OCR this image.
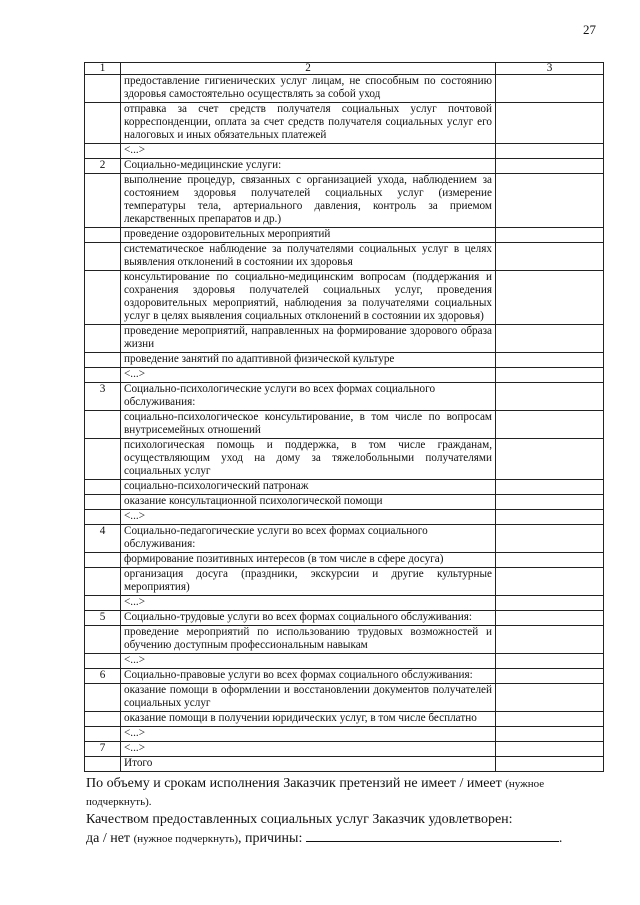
27
1	2	3
	предоставление гигиенических услуг лицам, не способным по состоянию здоровья самостоятельно осуществлять за собой уход	
	отправка за счет средств получателя социальных услуг почтовой корреспонденции, оплата за счет средств получателя социальных услуг его налоговых и иных обязательных платежей	
	<...>	
2	Социально-медицинские услуги:	
	выполнение процедур, связанных с организацией ухода, наблюдением за состоянием здоровья получателей социальных услуг (измерение температуры тела, артериального давления, контроль за приемом лекарственных препаратов и др.)	
	проведение оздоровительных мероприятий	
	систематическое наблюдение за получателями социальных услуг в целях выявления отклонений в состоянии их здоровья	
	консультирование по социально-медицинским вопросам (поддержания и сохранения здоровья получателей социальных услуг, проведения оздоровительных мероприятий, наблюдения за получателями социальных услуг в целях выявления социальных отклонений в состоянии их здоровья)	
	проведение мероприятий, направленных на формирование здорового образа жизни	
	проведение занятий по адаптивной физической культуре	
	<...>	
3	Социально-психологические услуги во всех формах социального обслуживания:	
	социально-психологическое консультирование, в том числе по вопросам внутрисемейных отношений	
	психологическая помощь и поддержка, в том числе гражданам, осуществляющим уход на дому за тяжелобольными получателями социальных услуг	
	социально-психологический патронаж	
	оказание консультационной психологической помощи	
	<...>	
4	Социально-педагогические услуги во всех формах социального обслуживания:	
	формирование позитивных интересов (в том числе в сфере досуга)	
	организация досуга (праздники, экскурсии и другие культурные мероприятия)	
	<...>	
5	Социально-трудовые услуги во всех формах социального обслуживания:	
	проведение мероприятий по использованию трудовых возможностей и обучению доступным профессиональным навыкам	
	<...>	
6	Социально-правовые услуги во всех формах социального обслуживания:	
	оказание помощи в оформлении и восстановлении документов получателей социальных услуг	
	оказание помощи в получении юридических услуг, в том числе бесплатно	
	<...>	
7	<...>	
	Итого	

По объему и срокам исполнения Заказчик претензий не имеет / имеет (нужное

подчеркнуть).

Качеством предоставленных социальных услуг Заказчик удовлетворен:

да / нет (нужное подчеркнуть), причины:	.
